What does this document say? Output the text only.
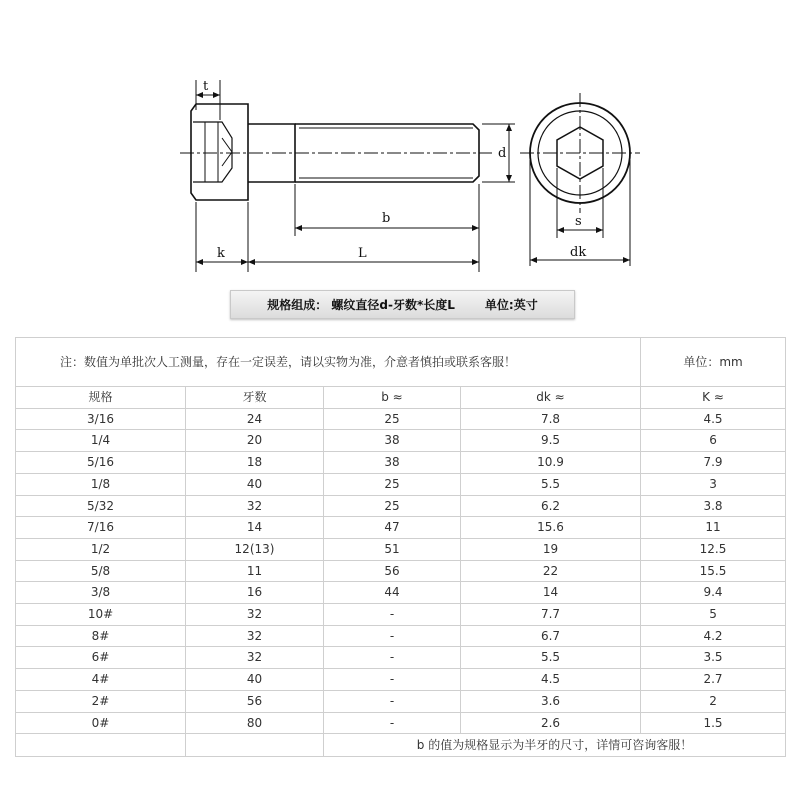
t
d
k
b
L
s
dk
规格组成： 螺纹直径d-牙数*长度L	单位:英寸
注：数值为单批次人工测量，存在一定误差，请以实物为准，介意者慎拍或联系客服！				单位：mm
规格	牙数	b ≈	dk ≈	K ≈
3/16	24	25	7.8	4.5
1/4	20	38	9.5	6
5/16	18	38	10.9	7.9
1/8	40	25	5.5	3
5/32	32	25	6.2	3.8
7/16	14	47	15.6	11
1/2	12(13)	51	19	12.5
5/8	11	56	22	15.5
3/8	16	44	14	9.4
10#	32	-	7.7	5
8#	32	-	6.7	4.2
6#	32	-	5.5	3.5
4#	40	-	4.5	2.7
2#	56	-	3.6	2
0#	80	-	2.6	1.5
		b 的值为规格显示为半牙的尺寸，详情可咨询客服！		
